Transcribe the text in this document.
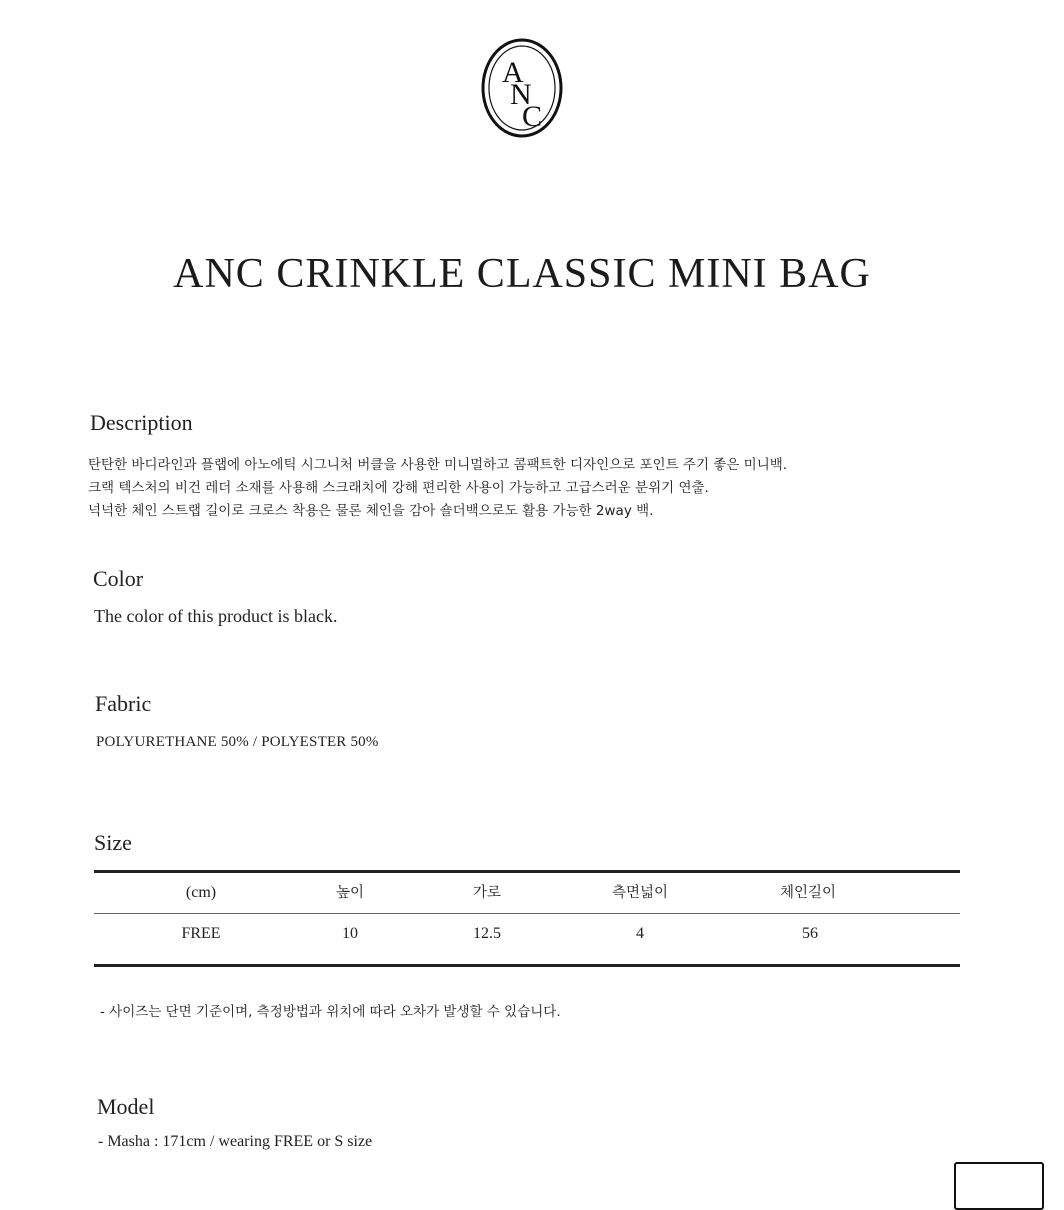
A
N
C
ANC CRINKLE CLASSIC MINI BAG
Description
탄탄한 바디라인과 플랩에 아노에틱 시그니처 버클을 사용한 미니멀하고 콤팩트한 디자인으로 포인트 주기 좋은 미니백.
크랙 텍스처의 비건 레더 소재를 사용해 스크래치에 강해 편리한 사용이 가능하고 고급스러운 분위기 연출.
넉넉한 체인 스트랩 길이로 크로스 착용은 물론 체인을 감아 숄더백으로도 활용 가능한 2way 백.
Color
The color of this product is black.
Fabric
POLYURETHANE 50% / POLYESTER 50%
Size
(cm)	높이	가로	측면넓이	체인길이
FREE	10	12.5	4	56
- 사이즈는 단면 기준이며, 측정방법과 위치에 따라 오차가 발생할 수 있습니다.
Model
- Masha : 171cm / wearing FREE or S size
